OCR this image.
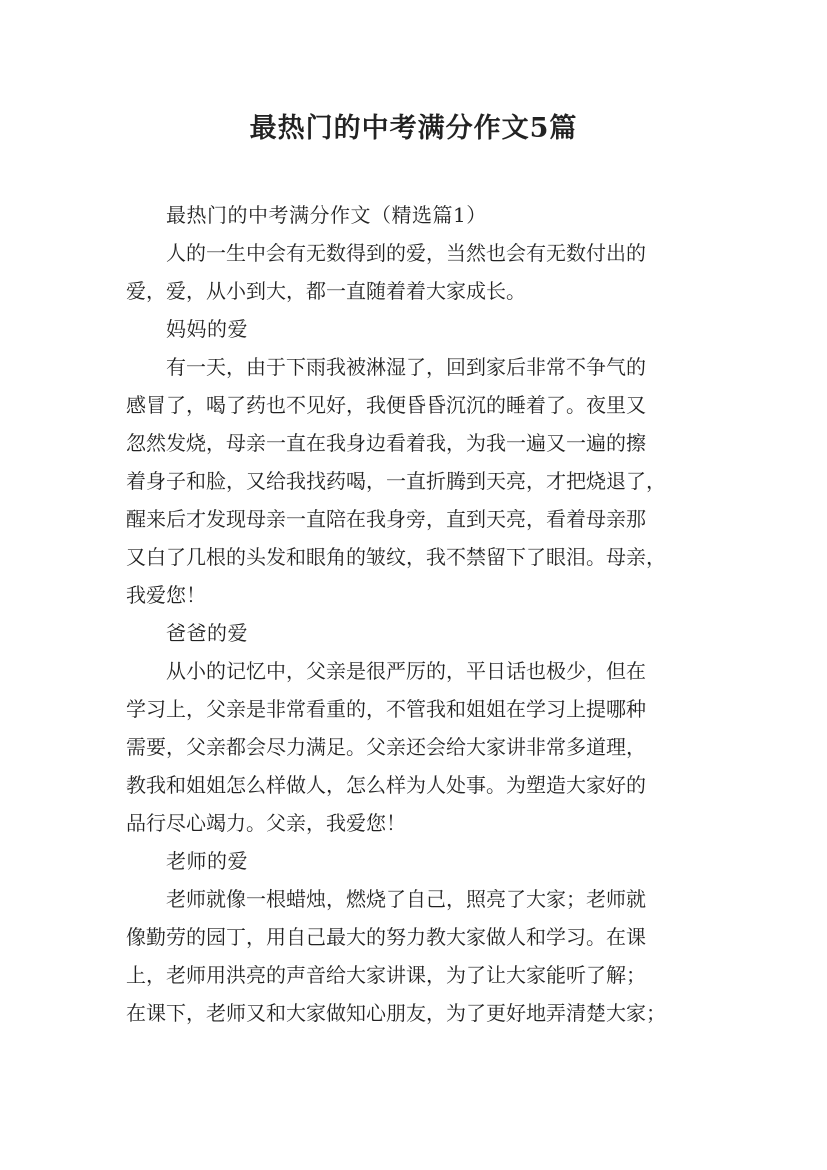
最热门的中考满分作文5篇

最热门的中考满分作文（精选篇1）

人的一生中会有无数得到的爱，当然也会有无数付出的
爱，爱，从小到大，都一直随着着大家成长。

妈妈的爱

有一天，由于下雨我被淋湿了，回到家后非常不争气的
感冒了，喝了药也不见好，我便昏昏沉沉的睡着了。夜里又
忽然发烧，母亲一直在我身边看着我，为我一遍又一遍的擦
着身子和脸，又给我找药喝，一直折腾到天亮，才把烧退了，
醒来后才发现母亲一直陪在我身旁，直到天亮，看着母亲那
又白了几根的头发和眼角的皱纹，我不禁留下了眼泪。母亲，
我爱您！

爸爸的爱

从小的记忆中，父亲是很严厉的，平日话也极少，但在
学习上，父亲是非常看重的，不管我和姐姐在学习上提哪种
需要，父亲都会尽力满足。父亲还会给大家讲非常多道理，
教我和姐姐怎么样做人，怎么样为人处事。为塑造大家好的
品行尽心竭力。父亲，我爱您！

老师的爱

老师就像一根蜡烛，燃烧了自己，照亮了大家；老师就
像勤劳的园丁，用自己最大的努力教大家做人和学习。在课
上，老师用洪亮的声音给大家讲课，为了让大家能听了解；
在课下，老师又和大家做知心朋友，为了更好地弄清楚大家；
